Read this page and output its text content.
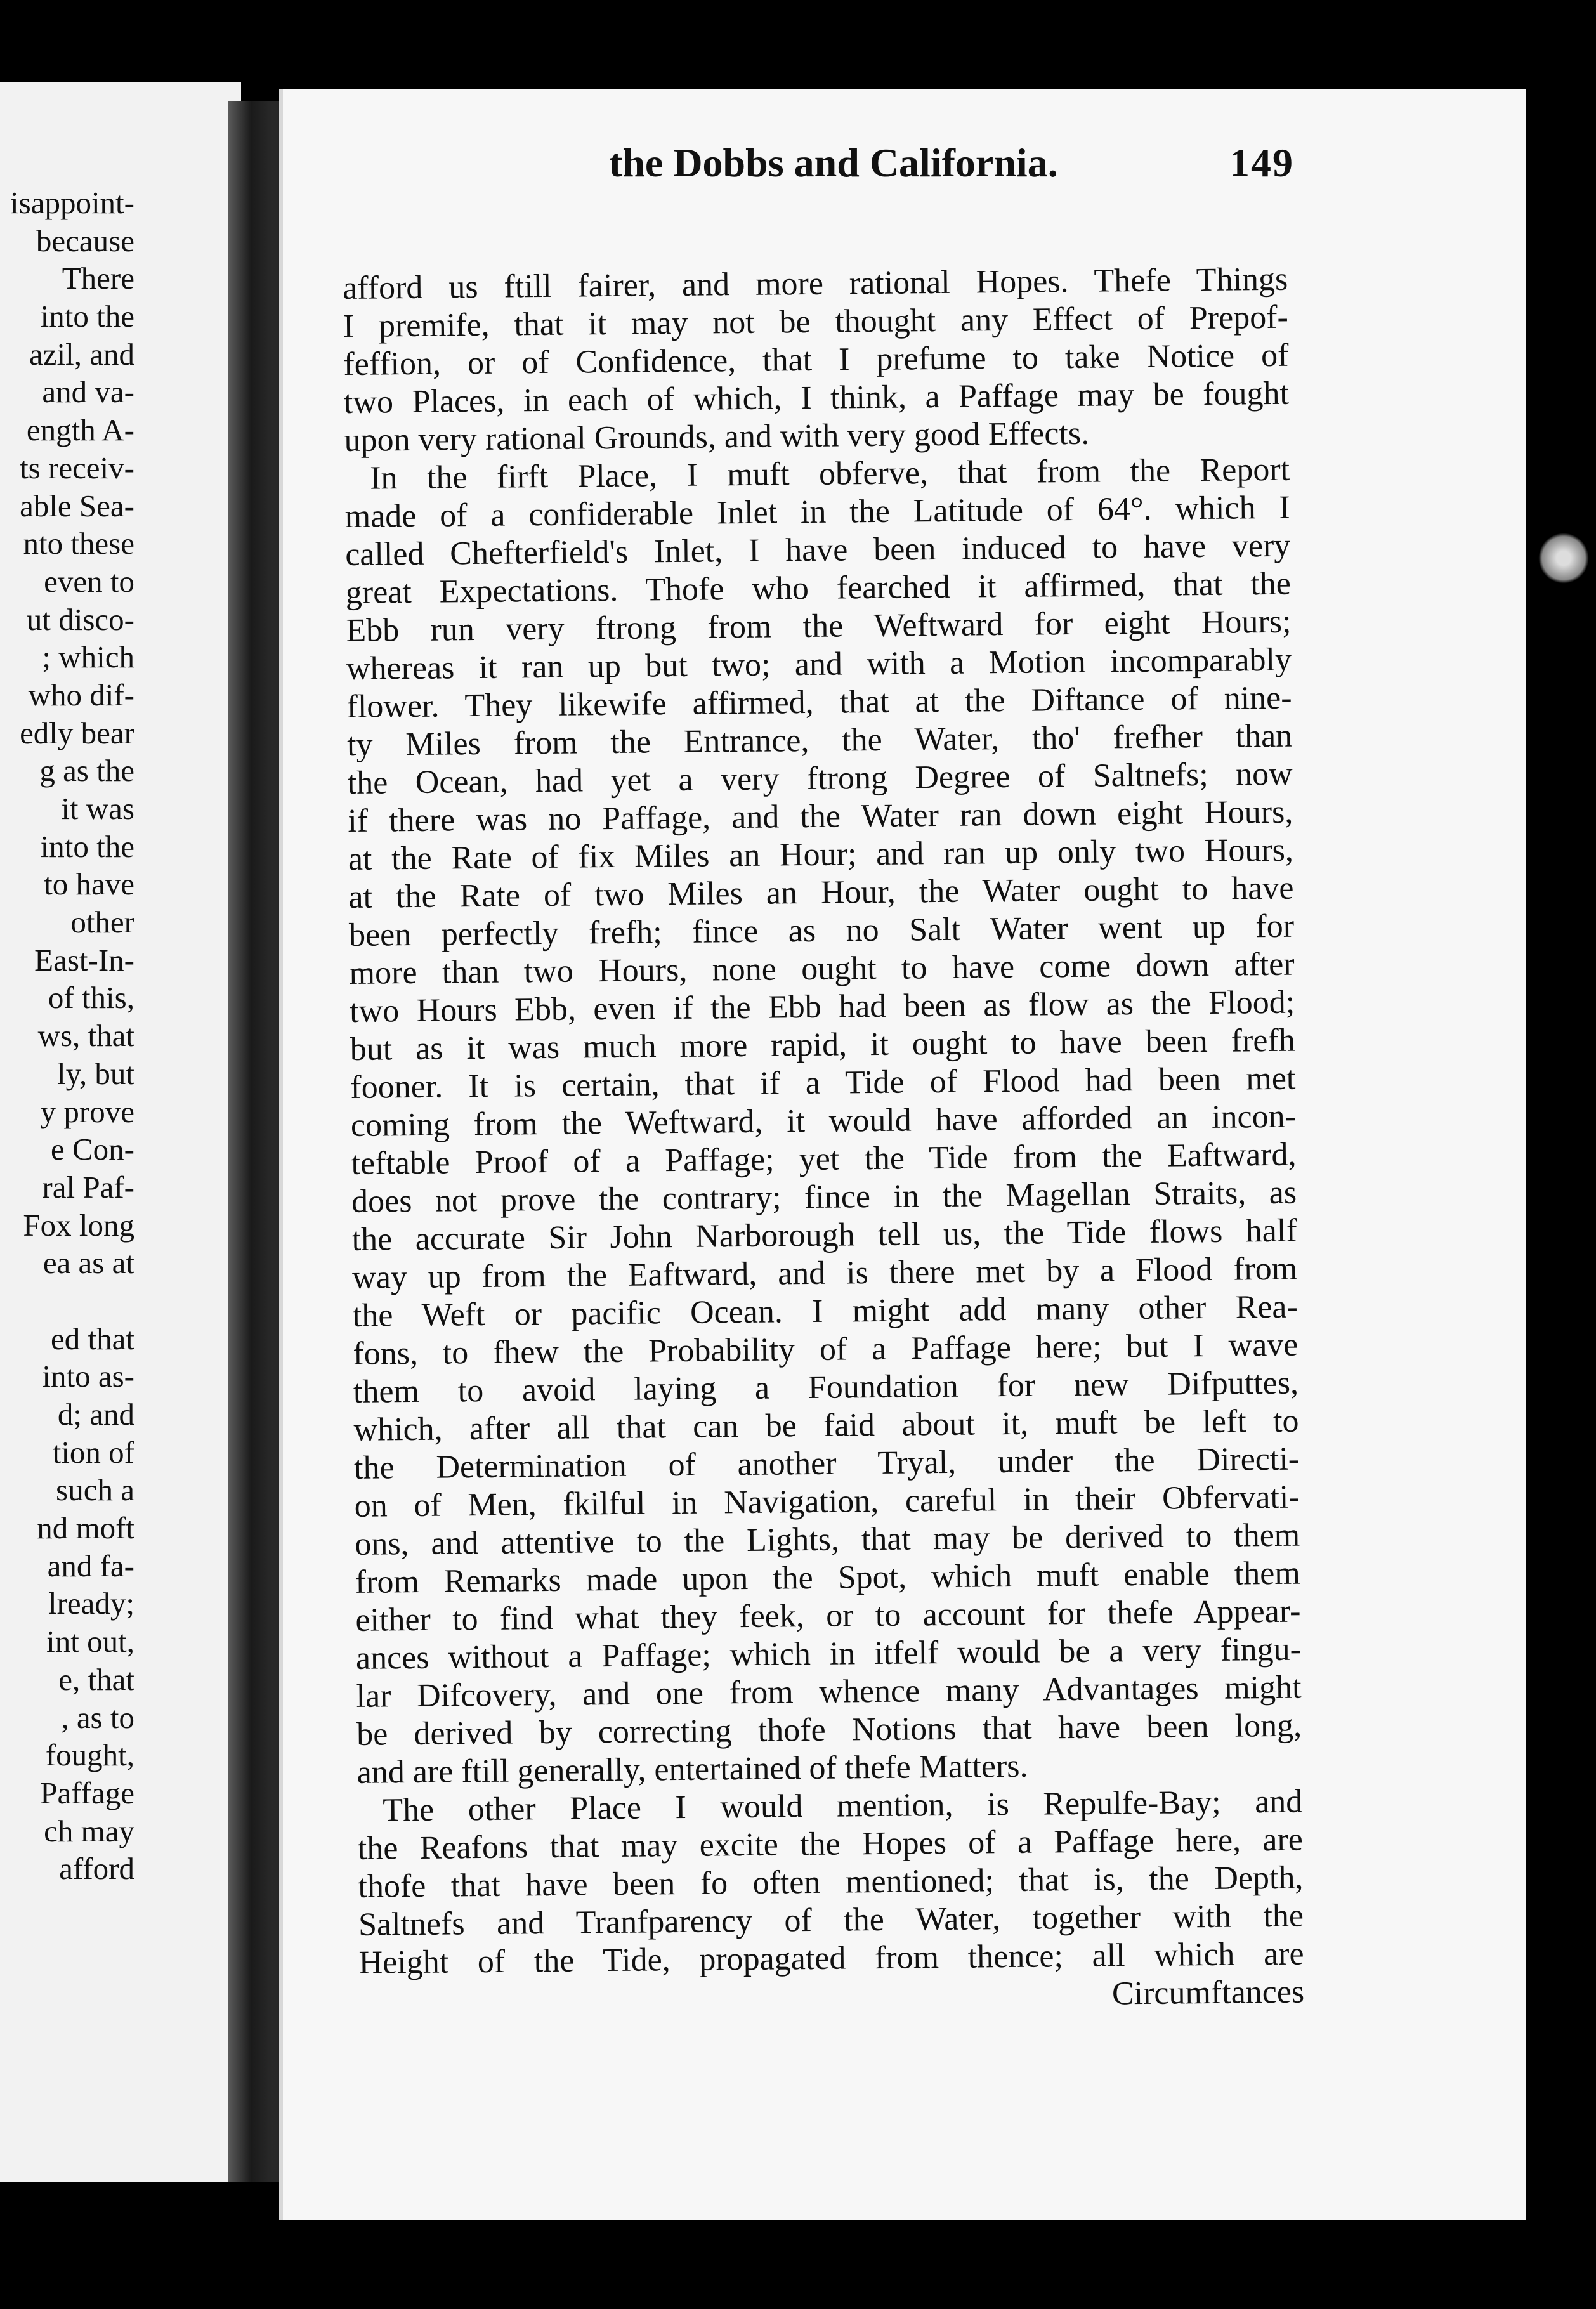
isappoint-
because
There
into the
azil, and
and va-
ength A-
ts receiv-
able Sea-
nto these
even to
ut disco-
; which
who dif-
edly bear
g as the
it was
into the
to have
other
East-In-
of this,
ws, that
ly, but
y prove
e Con-
ral Paf-
Fox long
ea as at
ed that
into as-
d; and
tion of
such a
nd moft
and fa-
lready;
int out,
e, that
, as to
fought,
Paffage
ch may
afford
the Dobbs and California.	149
afford us ftill fairer, and more rational Hopes. Thefe Things
I premife, that it may not be thought any Effect of Prepof-
feffion, or of Confidence, that I prefume to take Notice of
two Places, in each of which, I think, a Paffage may be fought
upon very rational Grounds, and with very good Effects.
In the firft Place, I muft obferve, that from the Report
made of a confiderable Inlet in the Latitude of 64°. which I
called Chefterfield's Inlet, I have been induced to have very
great Expectations. Thofe who fearched it affirmed, that the
Ebb run very ftrong from the Weftward for eight Hours;
whereas it ran up but two; and with a Motion incomparably
flower. They likewife affirmed, that at the Diftance of nine-
ty Miles from the Entrance, the Water, tho' frefher than
the Ocean, had yet a very ftrong Degree of Saltnefs; now
if there was no Paffage, and the Water ran down eight Hours,
at the Rate of fix Miles an Hour; and ran up only two Hours,
at the Rate of two Miles an Hour, the Water ought to have
been perfectly frefh; fince as no Salt Water went up for
more than two Hours, none ought to have come down after
two Hours Ebb, even if the Ebb had been as flow as the Flood;
but as it was much more rapid, it ought to have been frefh
fooner. It is certain, that if a Tide of Flood had been met
coming from the Weftward, it would have afforded an incon-
teftable Proof of a Paffage; yet the Tide from the Eaftward,
does not prove the contrary; fince in the Magellan Straits, as
the accurate Sir John Narborough tell us, the Tide flows half
way up from the Eaftward, and is there met by a Flood from
the Weft or pacific Ocean. I might add many other Rea-
fons, to fhew the Probability of a Paffage here; but I wave
them to avoid laying a Foundation for new Difputtes,
which, after all that can be faid about it, muft be left to
the Determination of another Tryal, under the Directi-
on of Men, fkilful in Navigation, careful in their Obfervati-
ons, and attentive to the Lights, that may be derived to them
from Remarks made upon the Spot, which muft enable them
either to find what they feek, or to account for thefe Appear-
ances without a Paffage; which in itfelf would be a very fingu-
lar Difcovery, and one from whence many Advantages might
be derived by correcting thofe Notions that have been long,
and are ftill generally, entertained of thefe Matters.
The other Place I would mention, is Repulfe-Bay; and
the Reafons that may excite the Hopes of a Paffage here, are
thofe that have been fo often mentioned; that is, the Depth,
Saltnefs and Tranfparency of the Water, together with the
Height of the Tide, propagated from thence; all which are
Circumftances
